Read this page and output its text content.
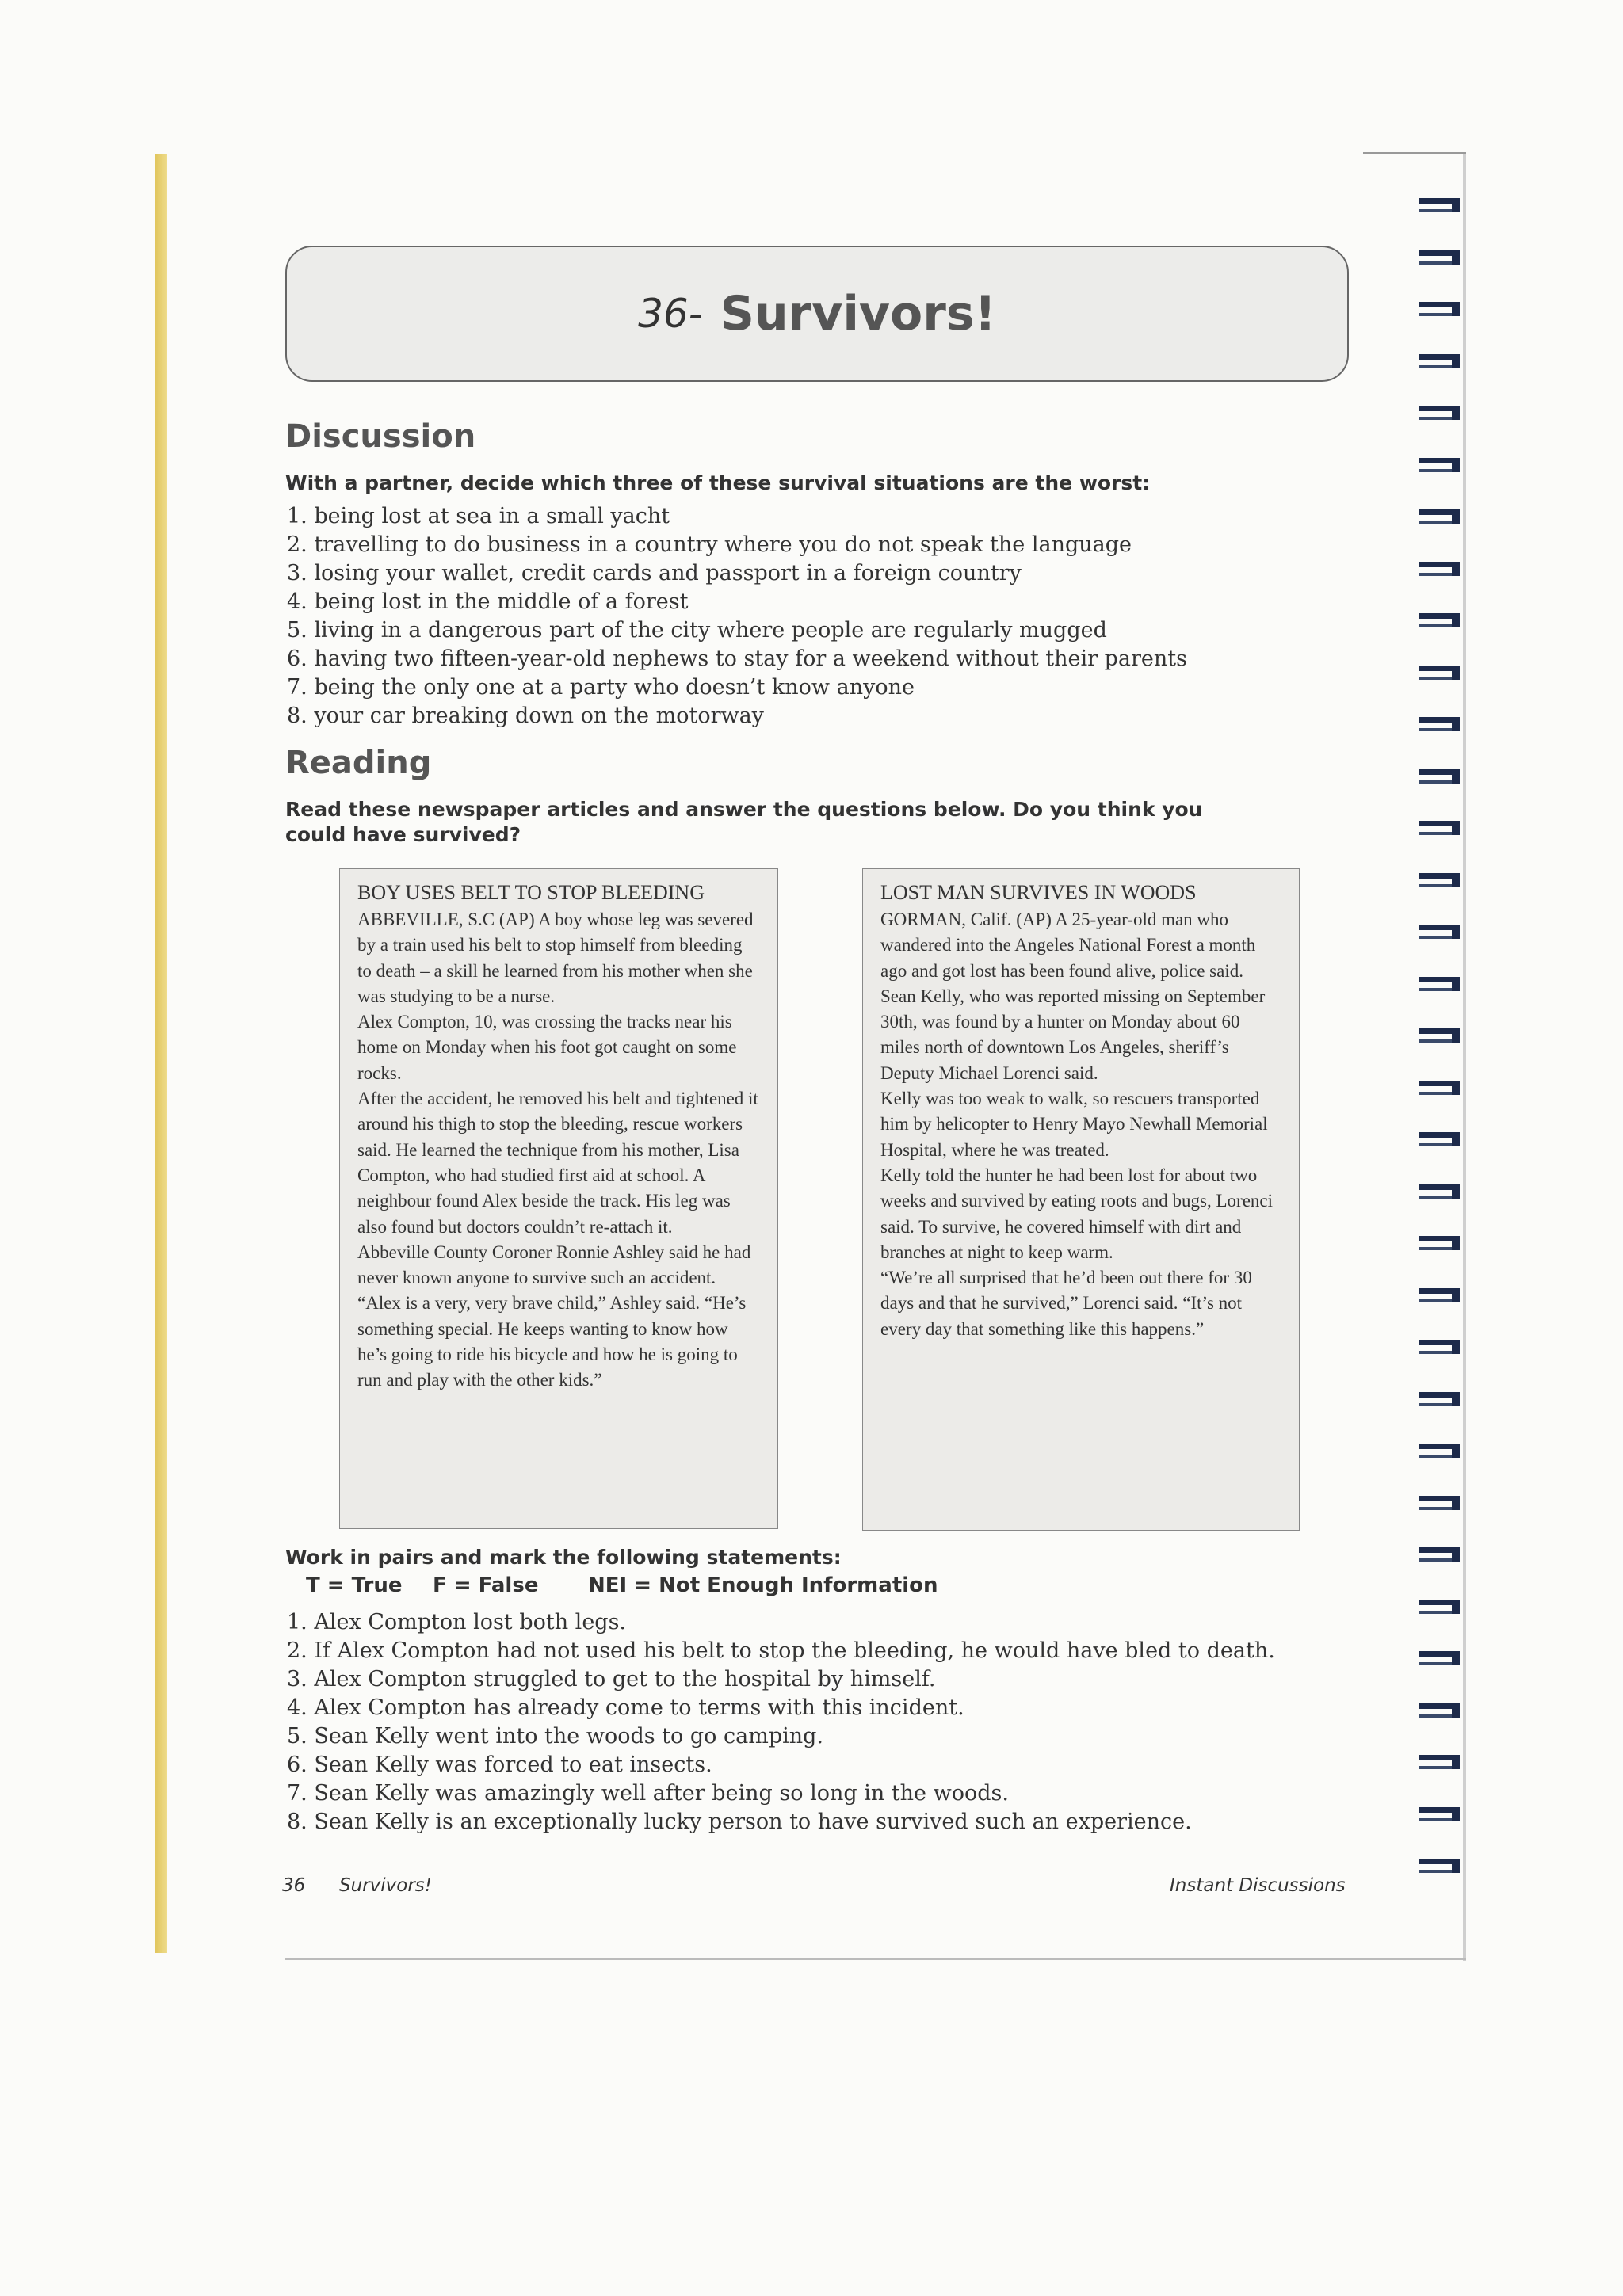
36- Survivors!
Discussion

With a partner, decide which three of these survival situations are the worst:

1. being lost at sea in a small yacht
2. travelling to do business in a country where you do not speak the language
3. losing your wallet, credit cards and passport in a foreign country
4. being lost in the middle of a forest
5. living in a dangerous part of the city where people are regularly mugged
6. having two fifteen-year-old nephews to stay for a weekend without their parents
7. being the only one at a party who doesn’t know anyone
8. your car breaking down on the motorway
Reading

Read these newspaper articles and answer the questions below. Do you think you could have survived?

BOY USES BELT TO STOP BLEEDING

ABBEVILLE, S.C (AP) A boy whose leg was severed by a train used his belt to stop himself from bleeding to death – a skill he learned from his mother when she was studying to be a nurse.

Alex Compton, 10, was crossing the tracks near his home on Monday when his foot got caught on some rocks.

After the accident, he removed his belt and tightened it around his thigh to stop the bleeding, rescue workers said. He learned the technique from his mother, Lisa Compton, who had studied first aid at school. A neighbour found Alex beside the track. His leg was also found but doctors couldn’t re-attach it.

Abbeville County Coroner Ronnie Ashley said he had never known anyone to survive such an accident. “Alex is a very, very brave child,” Ashley said. “He’s something special. He keeps wanting to know how he’s going to ride his bicycle and how he is going to run and play with the other kids.”

LOST MAN SURVIVES IN WOODS

GORMAN, Calif. (AP) A 25-year-old man who wandered into the Angeles National Forest a month ago and got lost has been found alive, police said.

Sean Kelly, who was reported missing on September 30th, was found by a hunter on Monday about 60 miles north of downtown Los Angeles, sheriff’s Deputy Michael Lorenci said.

Kelly was too weak to walk, so rescuers transported him by helicopter to Henry Mayo Newhall Memorial Hospital, where he was treated.

Kelly told the hunter he had been lost for about two weeks and survived by eating roots and bugs, Lorenci said. To survive, he covered himself with dirt and branches at night to keep warm.

“We’re all surprised that he’d been out there for 30 days and that he survived,” Lorenci said. “It’s not every day that something like this happens.”

Work in pairs and mark the following statements:

T = True F = False NEI = Not Enough Information

1. Alex Compton lost both legs.
2. If Alex Compton had not used his belt to stop the bleeding, he would have bled to death.
3. Alex Compton struggled to get to the hospital by himself.
4. Alex Compton has already come to terms with this incident.
5. Sean Kelly went into the woods to go camping.
6. Sean Kelly was forced to eat insects.
7. Sean Kelly was amazingly well after being so long in the woods.
8. Sean Kelly is an exceptionally lucky person to have survived such an experience.

36 Survivors!	Instant Discussions
